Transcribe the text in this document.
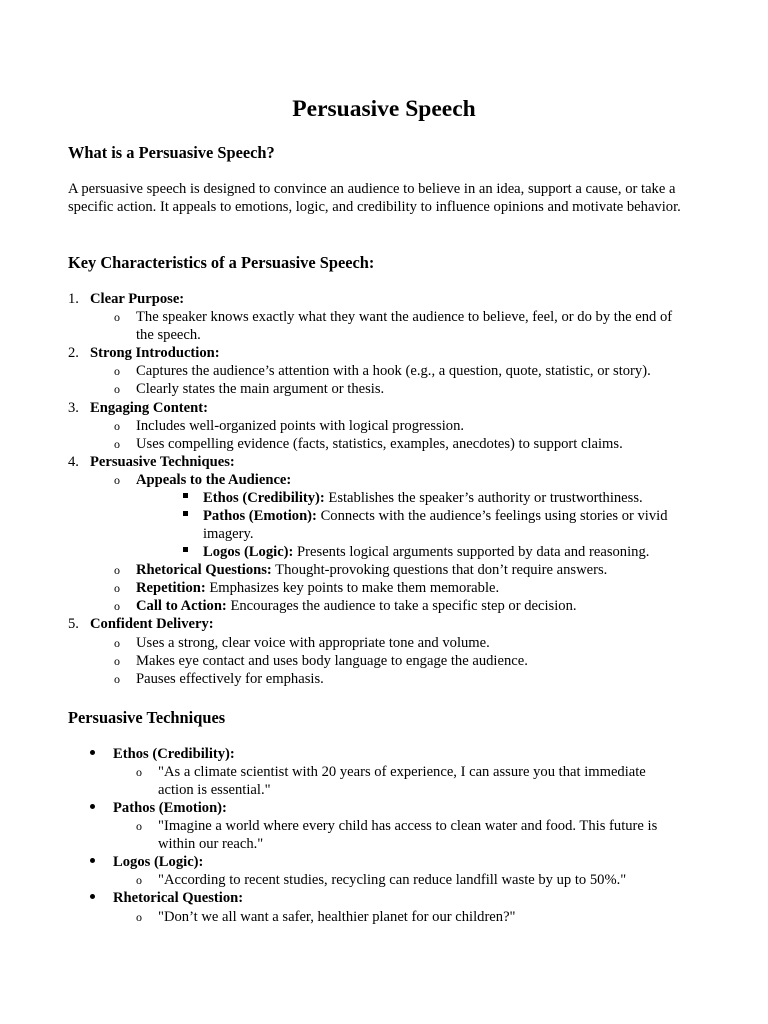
Persuasive Speech
What is a Persuasive Speech?

A persuasive speech is designed to convince an audience to believe in an idea, support a cause, or take a specific action. It appeals to emotions, logic, and credibility to influence opinions and motivate behavior.

Key Characteristics of a Persuasive Speech:
1. Clear Purpose:
o The speaker knows exactly what they want the audience to believe, feel, or do by the end of
the speech.
2. Strong Introduction:
o Captures the audience’s attention with a hook (e.g., a question, quote, statistic, or story).
o Clearly states the main argument or thesis.
3. Engaging Content:
o Includes well-organized points with logical progression.
o Uses compelling evidence (facts, statistics, examples, anecdotes) to support claims.
4. Persuasive Techniques:
o Appeals to the Audience:
Ethos (Credibility): Establishes the speaker’s authority or trustworthiness.
Pathos (Emotion): Connects with the audience’s feelings using stories or vivid
imagery.
Logos (Logic): Presents logical arguments supported by data and reasoning.
o Rhetorical Questions: Thought-provoking questions that don’t require answers.
o Repetition: Emphasizes key points to make them memorable.
o Call to Action: Encourages the audience to take a specific step or decision.
5. Confident Delivery:
o Uses a strong, clear voice with appropriate tone and volume.
o Makes eye contact and uses body language to engage the audience.
o Pauses effectively for emphasis.
Persuasive Techniques
Ethos (Credibility):
o "As a climate scientist with 20 years of experience, I can assure you that immediate
action is essential."
Pathos (Emotion):
o "Imagine a world where every child has access to clean water and food. This future is
within our reach."
Logos (Logic):
o "According to recent studies, recycling can reduce landfill waste by up to 50%."
Rhetorical Question:
o "Don’t we all want a safer, healthier planet for our children?"
